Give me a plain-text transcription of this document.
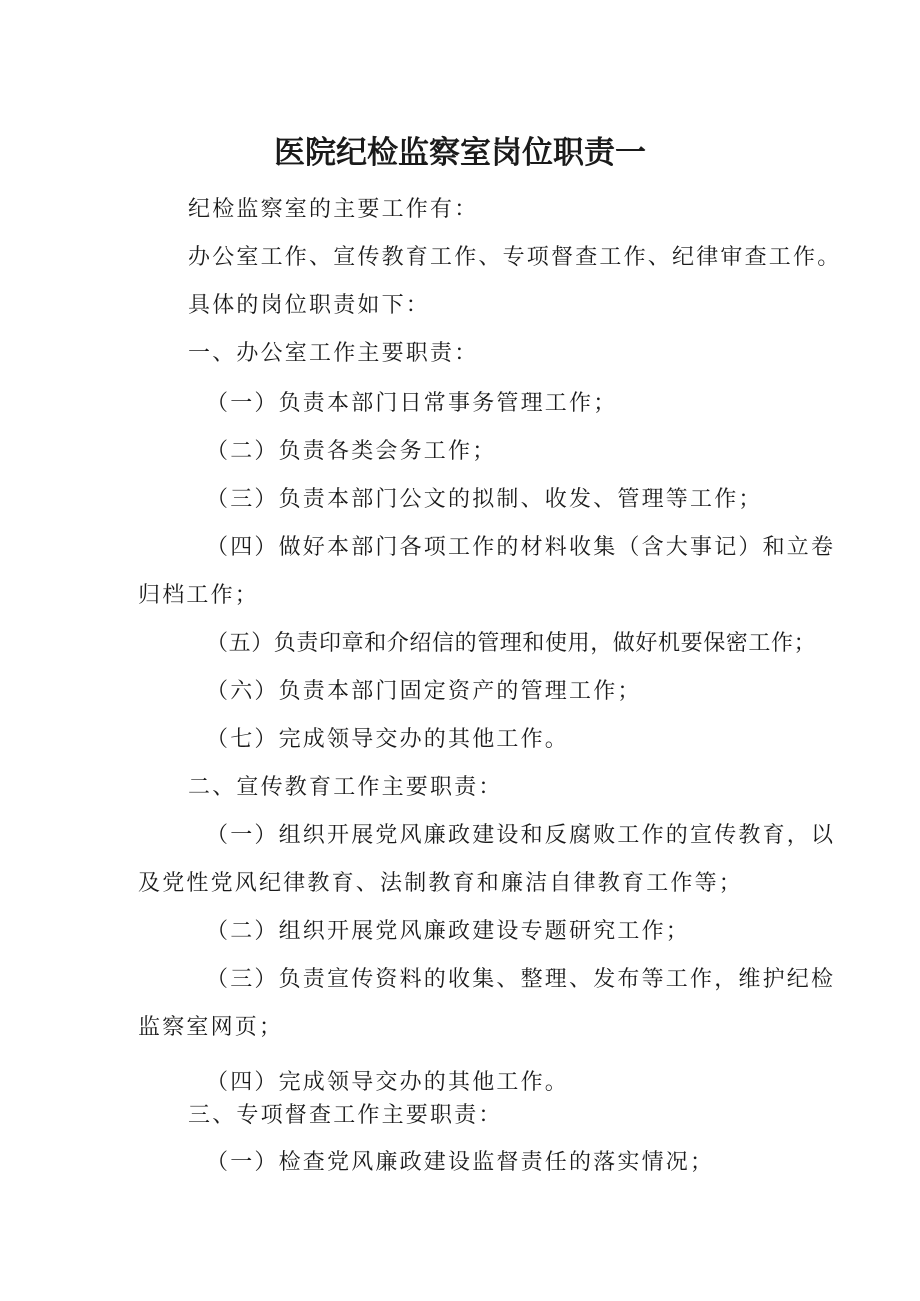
医院纪检监察室岗位职责一
纪检监察室的主要工作有：
办公室工作、宣传教育工作、专项督查工作、纪律审查工作。
具体的岗位职责如下：
一、办公室工作主要职责：
（一）负责本部门日常事务管理工作；
（二）负责各类会务工作；
（三）负责本部门公文的拟制、收发、管理等工作；
（四）做好本部门各项工作的材料收集（含大事记）和立卷
归档工作；
（五）负责印章和介绍信的管理和使用，做好机要保密工作；
（六）负责本部门固定资产的管理工作；
（七）完成领导交办的其他工作。
二、宣传教育工作主要职责：
（一）组织开展党风廉政建设和反腐败工作的宣传教育，以
及党性党风纪律教育、法制教育和廉洁自律教育工作等；
（二）组织开展党风廉政建设专题研究工作；
（三）负责宣传资料的收集、整理、发布等工作，维护纪检
监察室网页；
（四）完成领导交办的其他工作。
三、专项督查工作主要职责：
（一）检查党风廉政建设监督责任的落实情况；
